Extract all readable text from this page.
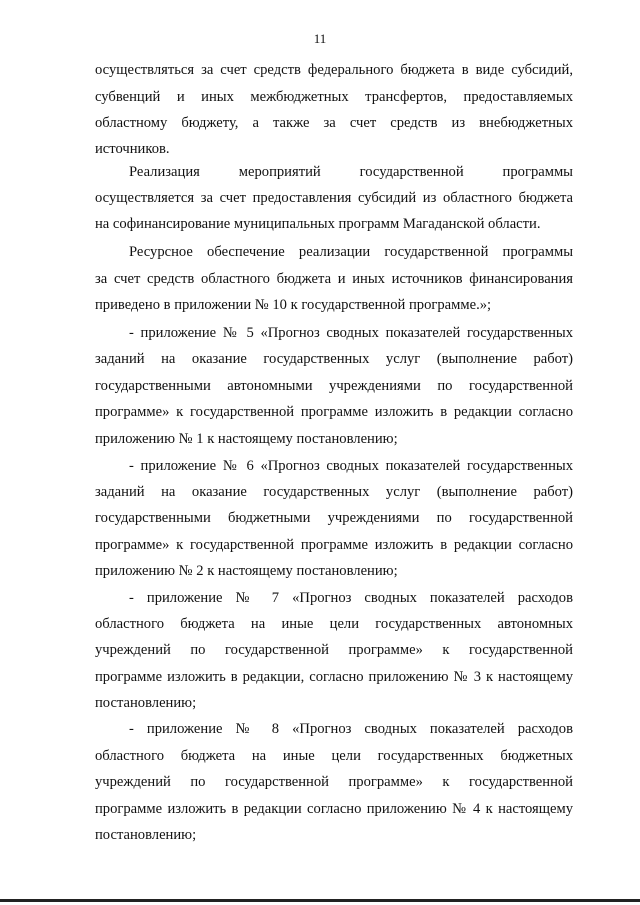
11
осуществляться за счет средств федерального бюджета в виде субсидий,
субвенций и иных межбюджетных трансфертов, предоставляемых
областному бюджету, а также за счет средств из внебюджетных
источников.
Реализация мероприятий государственной программы
осуществляется за счет предоставления субсидий из областного бюджета
на софинансирование муниципальных программ Магаданской области.
Ресурсное обеспечение реализации государственной программы
за счет средств областного бюджета и иных источников финансирования
приведено в приложении № 10 к государственной программе.»;
- приложение № 5 «Прогноз сводных показателей государственных
заданий на оказание государственных услуг (выполнение работ)
государственными автономными учреждениями по государственной
программе» к государственной программе изложить в редакции согласно
приложению № 1 к настоящему постановлению;
- приложение № 6 «Прогноз сводных показателей государственных
заданий на оказание государственных услуг (выполнение работ)
государственными бюджетными учреждениями по государственной
программе» к государственной программе изложить в редакции согласно
приложению № 2 к настоящему постановлению;
- приложение № 7 «Прогноз сводных показателей расходов
областного бюджета на иные цели государственных автономных
учреждений по государственной программе» к государственной
программе изложить в редакции, согласно приложению № 3 к настоящему
постановлению;
- приложение № 8 «Прогноз сводных показателей расходов
областного бюджета на иные цели государственных бюджетных
учреждений по государственной программе» к государственной
программе изложить в редакции согласно приложению № 4 к настоящему
постановлению;
